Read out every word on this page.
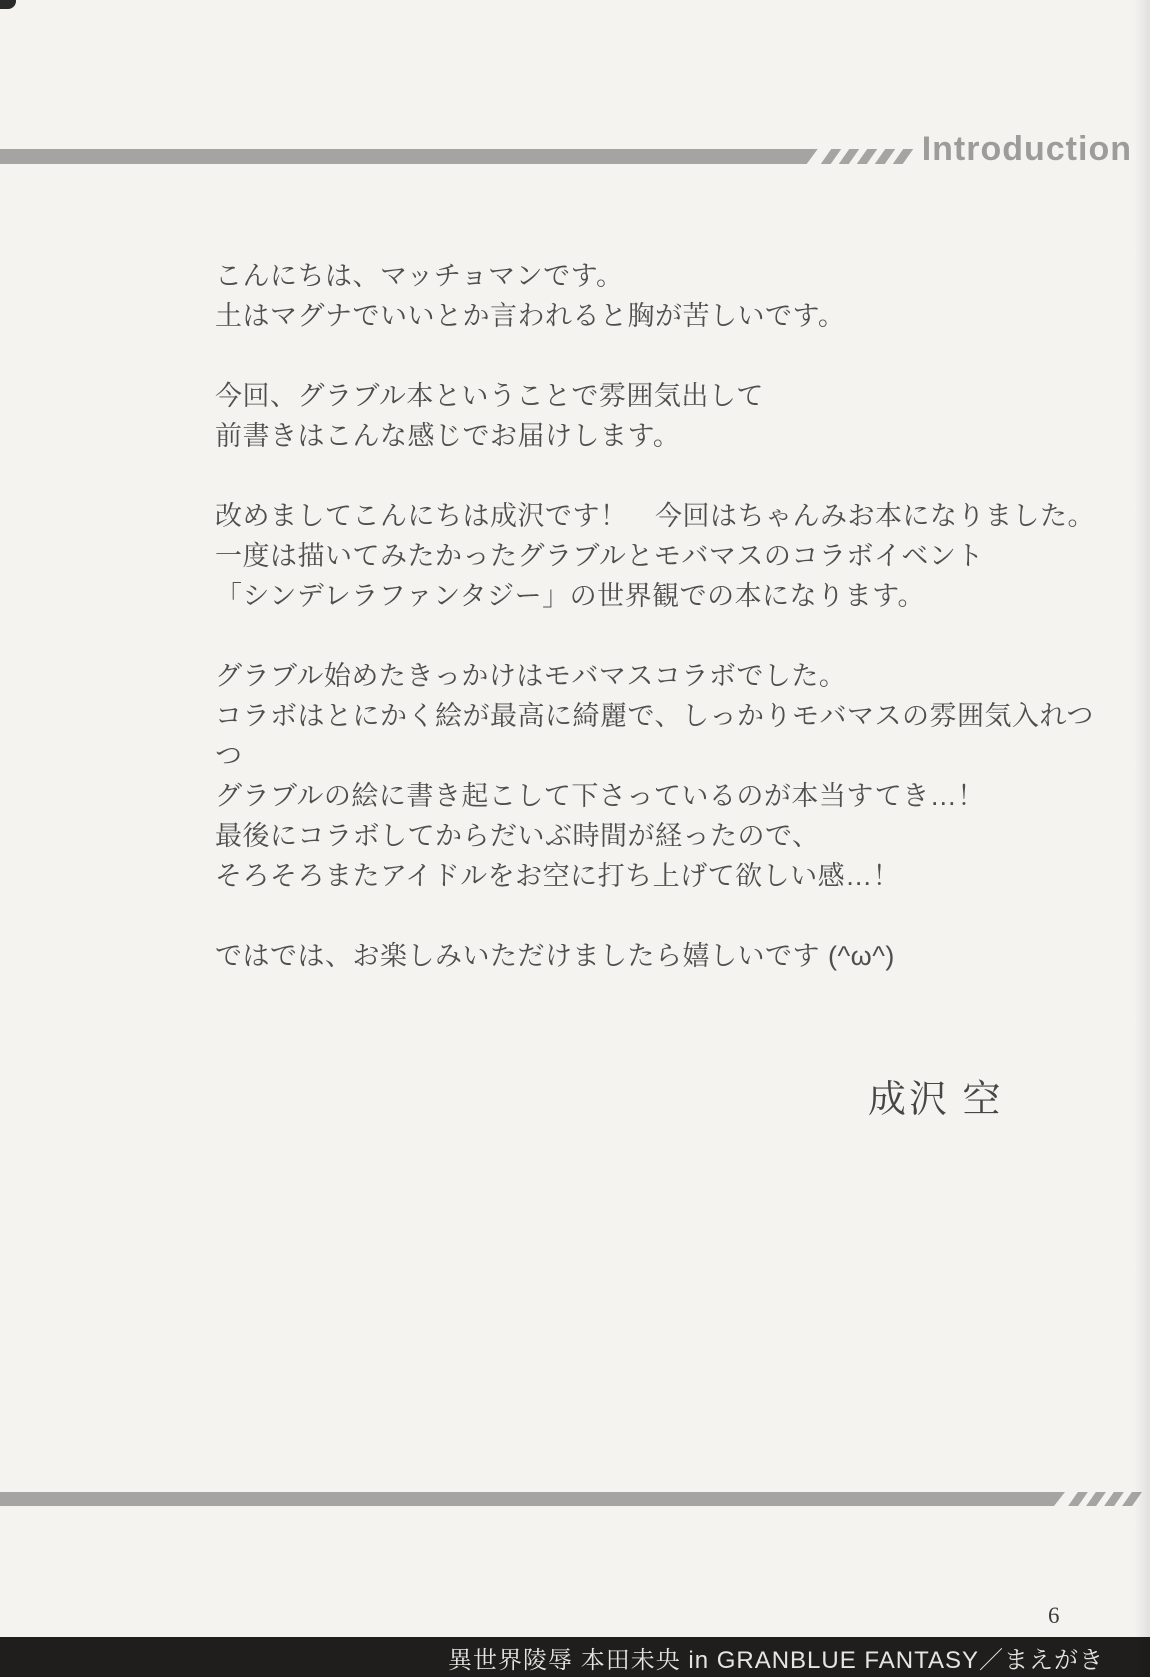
Introduction

こんにちは、マッチョマンです。
土はマグナでいいとか言われると胸が苦しいです。

今回、グラブル本ということで雰囲気出して
前書きはこんな感じでお届けします。

改めましてこんにちは成沢です！　今回はちゃんみお本になりました。
一度は描いてみたかったグラブルとモバマスのコラボイベント
「シンデレラファンタジー」の世界観での本になります。

グラブル始めたきっかけはモバマスコラボでした。
コラボはとにかく絵が最高に綺麗で、しっかりモバマスの雰囲気入れつつ
グラブルの絵に書き起こして下さっているのが本当すてき…！
最後にコラボしてからだいぶ時間が経ったので、
そろそろまたアイドルをお空に打ち上げて欲しい感…！

ではでは、お楽しみいただけましたら嬉しいです (^ω^)

成沢 空
6
異世界陵辱 本田未央 in GRANBLUE FANTASY／まえがき
